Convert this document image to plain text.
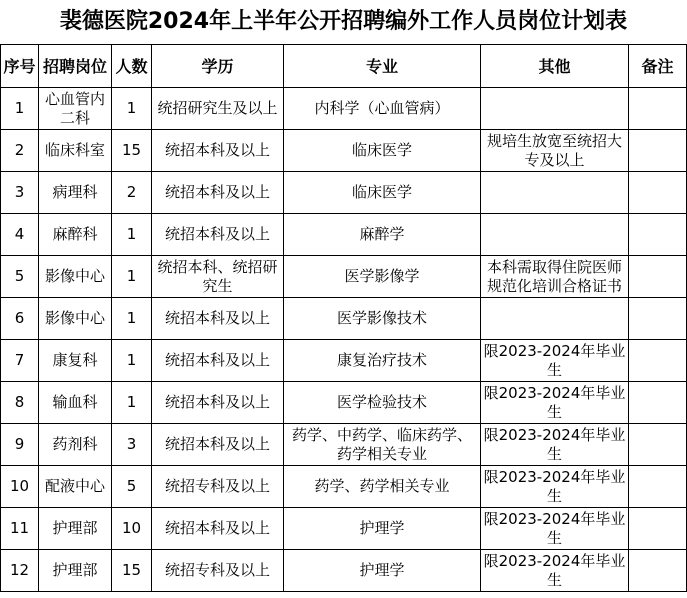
裴德医院2024年上半年公开招聘编外工作人员岗位计划表
序号	招聘岗位	人数	学历	专业	其他	备注
1	心血管内二科	1	统招研究生及以上	内科学（心血管病）		
2	临床科室	15	统招本科及以上	临床医学	规培生放宽至统招大专及以上	
3	病理科	2	统招本科及以上	临床医学		
4	麻醉科	1	统招本科及以上	麻醉学		
5	影像中心	1	统招本科、统招研究生	医学影像学	本科需取得住院医师规范化培训合格证书	
6	影像中心	1	统招本科及以上	医学影像技术		
7	康复科	1	统招本科及以上	康复治疗技术	限2023-2024年毕业生	
8	输血科	1	统招本科及以上	医学检验技术	限2023-2024年毕业生	
9	药剂科	3	统招本科及以上	药学、中药学、临床药学、药学相关专业	限2023-2024年毕业生	
10	配液中心	5	统招专科及以上	药学、药学相关专业	限2023-2024年毕业生	
11	护理部	10	统招本科及以上	护理学	限2023-2024年毕业生	
12	护理部	15	统招专科及以上	护理学	限2023-2024年毕业生	
